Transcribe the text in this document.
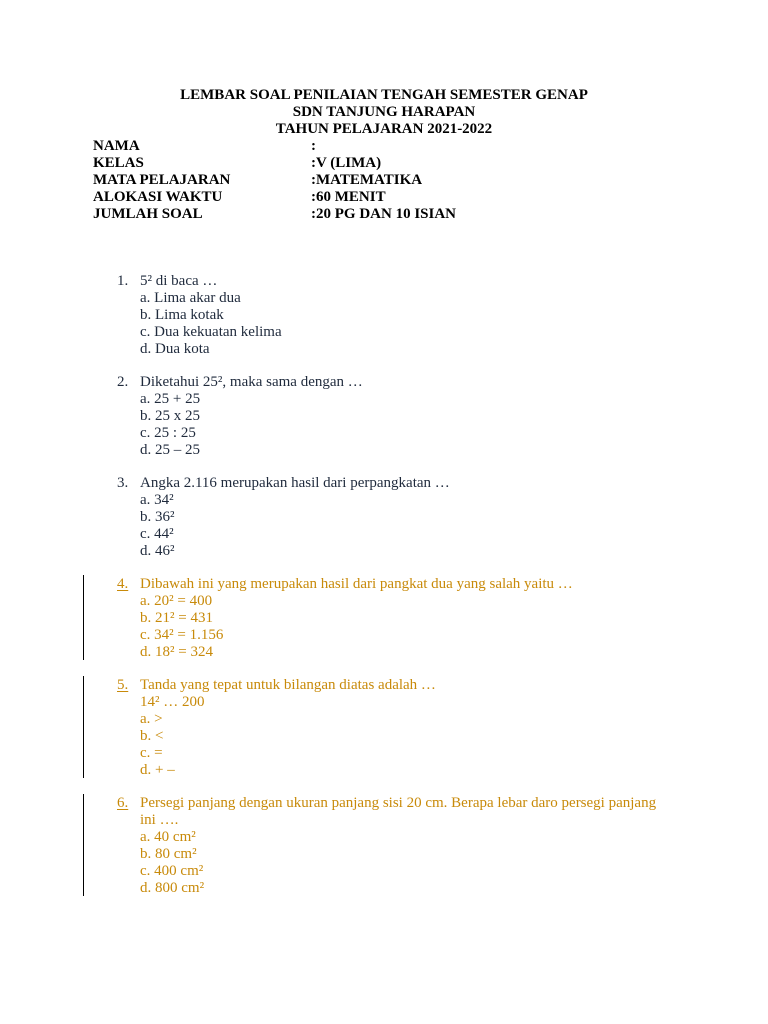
LEMBAR SOAL PENILAIAN TENGAH SEMESTER GENAP
SDN TANJUNG HARAPAN
TAHUN PELAJARAN 2021-2022
NAMA	:
KELAS	:V (LIMA)
MATA PELAJARAN	:MATEMATIKA
ALOKASI WAKTU	:60 MENIT
JUMLAH SOAL	:20 PG DAN 10 ISIAN
1. 5² di baca …
a. Lima akar dua
b. Lima kotak
c. Dua kekuatan kelima
d. Dua kota
2. Diketahui 25², maka sama dengan …
a. 25 + 25
b. 25 x 25
c. 25 : 25
d. 25 – 25
3. Angka 2.116 merupakan hasil dari perpangkatan …
a. 34²
b. 36²
c. 44²
d. 46²
4. Dibawah ini yang merupakan hasil dari pangkat dua yang salah yaitu …
a. 20² = 400
b. 21² = 431
c. 34² = 1.156
d. 18² = 324
5. Tanda yang tepat untuk bilangan diatas adalah …
14² … 200
a. >
b. <
c. =
d. + –
6. Persegi panjang dengan ukuran panjang sisi 20 cm. Berapa lebar daro persegi panjang
ini ….
a. 40 cm²
b. 80 cm²
c. 400 cm²
d. 800 cm²
